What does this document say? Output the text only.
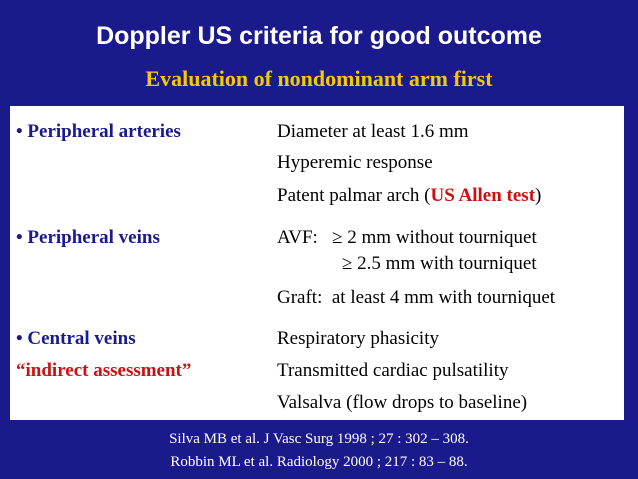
Doppler US criteria for good outcome
Evaluation of nondominant arm first
• Peripheral arteries	Diameter at least 1.6 mm
Hyperemic response
Patent palmar arch (US Allen test)
• Peripheral veins	AVF:   ≥ 2 mm without tourniquet
≥ 2.5 mm with tourniquet
Graft:  at least 4 mm with tourniquet
• Central veins
“indirect assessment”
Respiratory phasicity
Transmitted cardiac pulsatility
Valsalva (flow drops to baseline)
Silva MB et al. J Vasc Surg 1998 ; 27 : 302 – 308.
Robbin ML et al. Radiology 2000 ; 217 : 83 – 88.
